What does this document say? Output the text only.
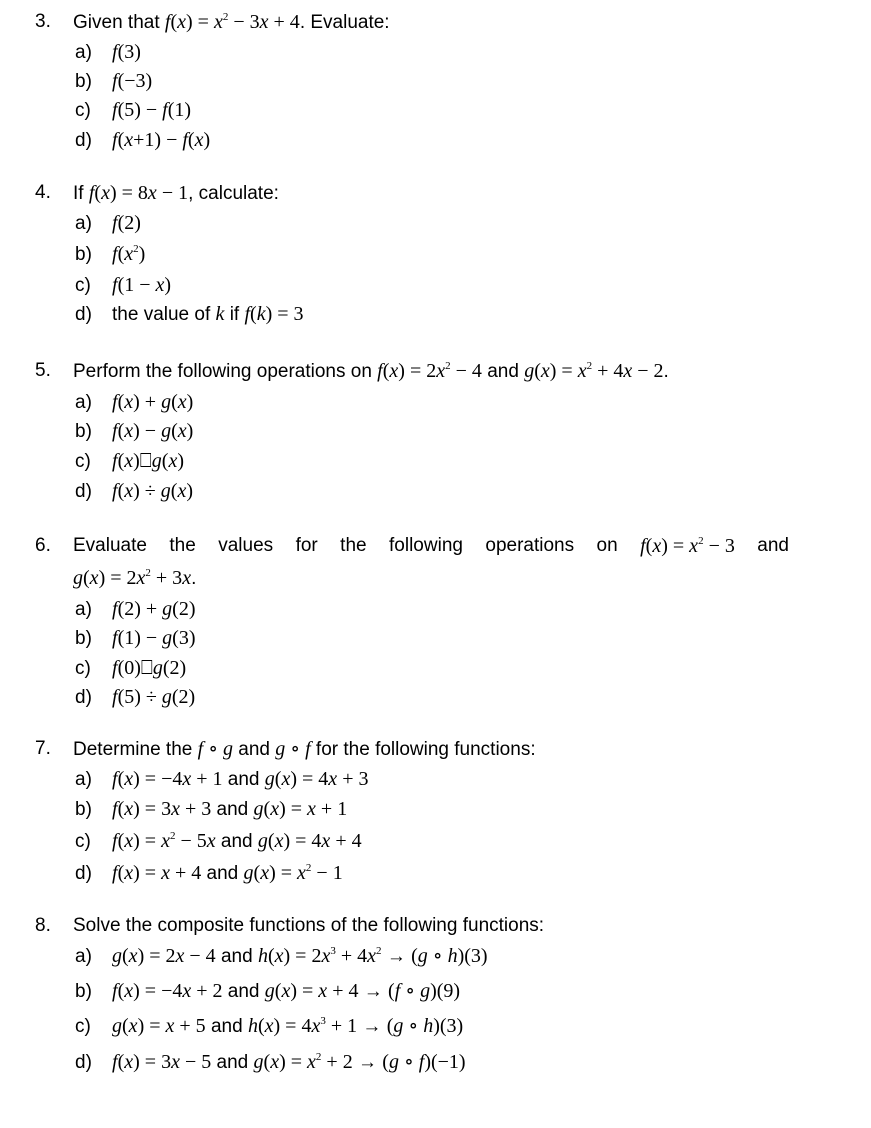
3. Given that $f(x) = x^2 - 3x + 4$. Evaluate:
a) f(3)
b) f(−3)
c) f(5) − f(1)
d) f(x+1) − f(x)
4. If f(x) = 8x − 1, calculate:
a) f(2)
b) $f(x^2)$
c) f(1 − x)
d) the value of k if f(k) = 3
5. Perform the following operations on $f(x) = 2x^2 - 4$ and $g(x) = x^2 + 4x - 2$.
a) f(x) + g(x)
b) f(x) − g(x)
c) f(x)⎕g(x)
d) f(x) ÷ g(x)
6. Evaluate the values for the following operations on $f(x) = x^2 - 3$ and
$g(x) = 2x^2 + 3x$.
a) f(2) + g(2)
b) f(1) − g(3)
c) f(0)⎕g(2)
d) f(5) ÷ g(2)
7. Determine the f ∘ g and g ∘ f for the following functions:
a) f(x) = −4x + 1 and g(x) = 4x + 3
b) f(x) = 3x + 3 and g(x) = x + 1
c) $f(x) = x^2 - 5x$ and g(x) = 4x + 4
d) f(x) = x + 4 and $g(x) = x^2 - 1$
8. Solve the composite functions of the following functions:
a) g(x) = 2x − 4 and $h(x) = 2x^3 + 4x^2 \to (g$ ∘ h)(3)
b) f(x) = −4x + 2 and g(x) = x + 4 → (f ∘ g)(9)
c) g(x) = x + 5 and $h(x) = 4x^3 + 1 \to (g$ ∘ h)(3)
d) f(x) = 3x − 5 and $g(x) = x^2 + 2 \to (g$ ∘ f)(−1)
